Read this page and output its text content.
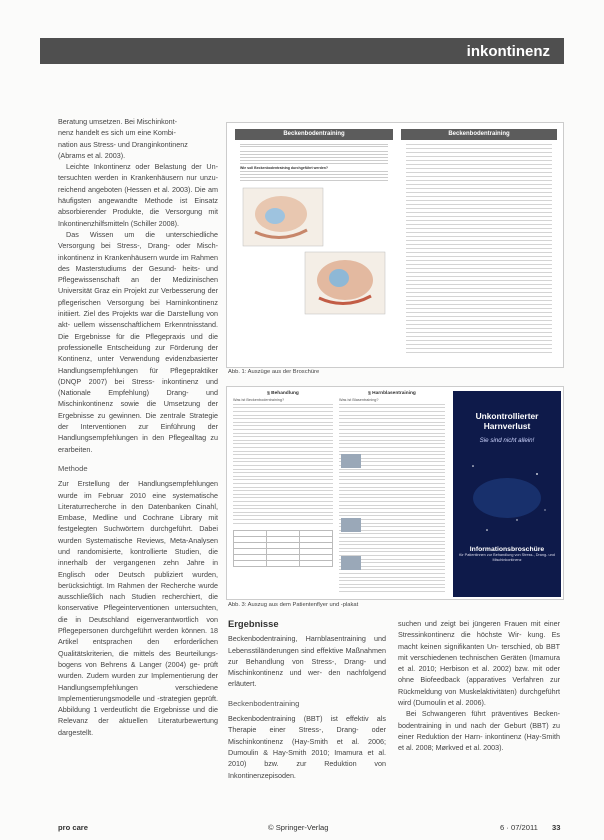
inkontinenz

Beratung umsetzen. Bei Mischinkont-
nenz handelt es sich um eine Kombi-
nation aus Stress- und Dranginkontinenz
(Abrams et al. 2003).

Leichte Inkontinenz oder Belastung der Un- tersuchten werden in Krankenhäusern nur unzu- reichend angeboten (Hessen et al. 2003). Die am häufigsten angewandte Methode ist Einsatz absorbierender Produkte, die Versorgung mit Inkontinenzhilfsmitteln (Schiller 2008).

Das Wissen um die unterschiedliche Versorgung bei Stress-, Drang- oder Misch- inkontinenz in Krankenhäusern wurde im Rahmen des Masterstudiums der Gesund- heits- und Pflegewissenschaft an der Medizinischen Universität Graz ein Projekt zur Verbesserung der pflegerischen Versorgung bei Harninkontinenz initiiert. Ziel des Projekts war die Darstellung von akt- uellem wissenschaftlichem Erkenntnisstand. Die Ergebnisse für die Pflegepraxis und die professionelle Entscheidung zur Förderung der Kontinenz, unter Verwendung evidenzbasierter Handlungsempfehlungen für Pflegepraktiker (DNQP 2007) bei Stress- inkontinenz und (Nationale Empfehlung) Drang- und Mischinkontinenz sowie die Umsetzung der Ergebnisse zu gewinnen. Die zentrale Strategie der Interventionen zur Einführung der Handlungsempfehlungen in den Pflegealltag zu erarbeiten.

Methode

Zur Erstellung der Handlungsempfehlungen wurde im Februar 2010 eine systematische Literaturrecherche in den Datenbanken Cinahl, Embase, Medline und Cochrane Library mit festgelegten Suchwörtern durchgeführt. Dabei wurden Systematische Reviews, Meta-Analysen und randomisierte, kontrollierte Studien, die innerhalb der vergangenen zehn Jahre in Englisch oder Deutsch publiziert wurden, berücksichtigt. Im Rahmen der Recherche wurde ausschließlich nach Studien recherchiert, die konservative Pflegeinterventionen untersuchten, die in Deutschland eigenverantwortlich von Pflegepersonen durchgeführt werden können. 18 Artikel entsprachen den erforderlichen Qualitätskriterien, die mittels des Beurteilungs- bogens von Behrens & Langer (2004) ge- prüft wurden. Zudem wurden zur Implementierung der Handlungsempfehlungen verschiedene Implementierungsmodelle und -strategien geprüft. Abbildung 1 verdeutlicht die Ergebnisse und die Relevanz der aktuellen Literaturbewertung dargestellt.

Beckenbodentraining
Wie soll Beckenbodentraining durchgeführt werden?
Beckenbodentraining
Abb. 1: Auszüge aus der Broschüre
§ Behandlung
Was ist Beckenbodentraining?

§ Harnblasentraining
Was ist Blasentraining?
Unkontrollierter
Harnverlust
Sie sind nicht allein!
Informationsbroschüre
für Patientinnen zur Behandlung von Stress-, Drang- und Mischinkontinenz
Abb. 3: Auszug aus dem Patientenflyer und -plakat
Ergebnisse

Beckenbodentraining, Harnblasentraining und Lebensstiländerungen sind effektive Maßnahmen zur Behandlung von Stress-, Drang- und Mischinkontinenz und wer- den nachfolgend erläutert.

Beckenbodentraining

Beckenbodentraining (BBT) ist effektiv als Therapie einer Stress-, Drang- oder Mischinkontinenz (Hay-Smith et al. 2006; Dumoulin & Hay-Smith 2010; Imamura et al. 2010) bzw. zur Reduktion von Inkontinenzepisoden.

suchen und zeigt bei jüngeren Frauen mit einer Stressinkontinenz die höchste Wir- kung. Es macht keinen signifikanten Un- terschied, ob BBT mit verschiedenen technischen Geräten (Imamura et al. 2010; Herbison et al. 2002) bzw. mit oder ohne Biofeedback (apparatives Verfahren zur Rückmeldung von Muskelaktivitäten) durchgeführt wird (Dumoulin et al. 2006).

Bei Schwangeren führt präventives Becken- bodentraining in und nach der Geburt (BBT) zu einer Reduktion der Harn- inkontinenz (Hay-Smith et al. 2008; Mørkved et al. 2003).

pro care	© Springer-Verlag	6 · 07/2011 33
